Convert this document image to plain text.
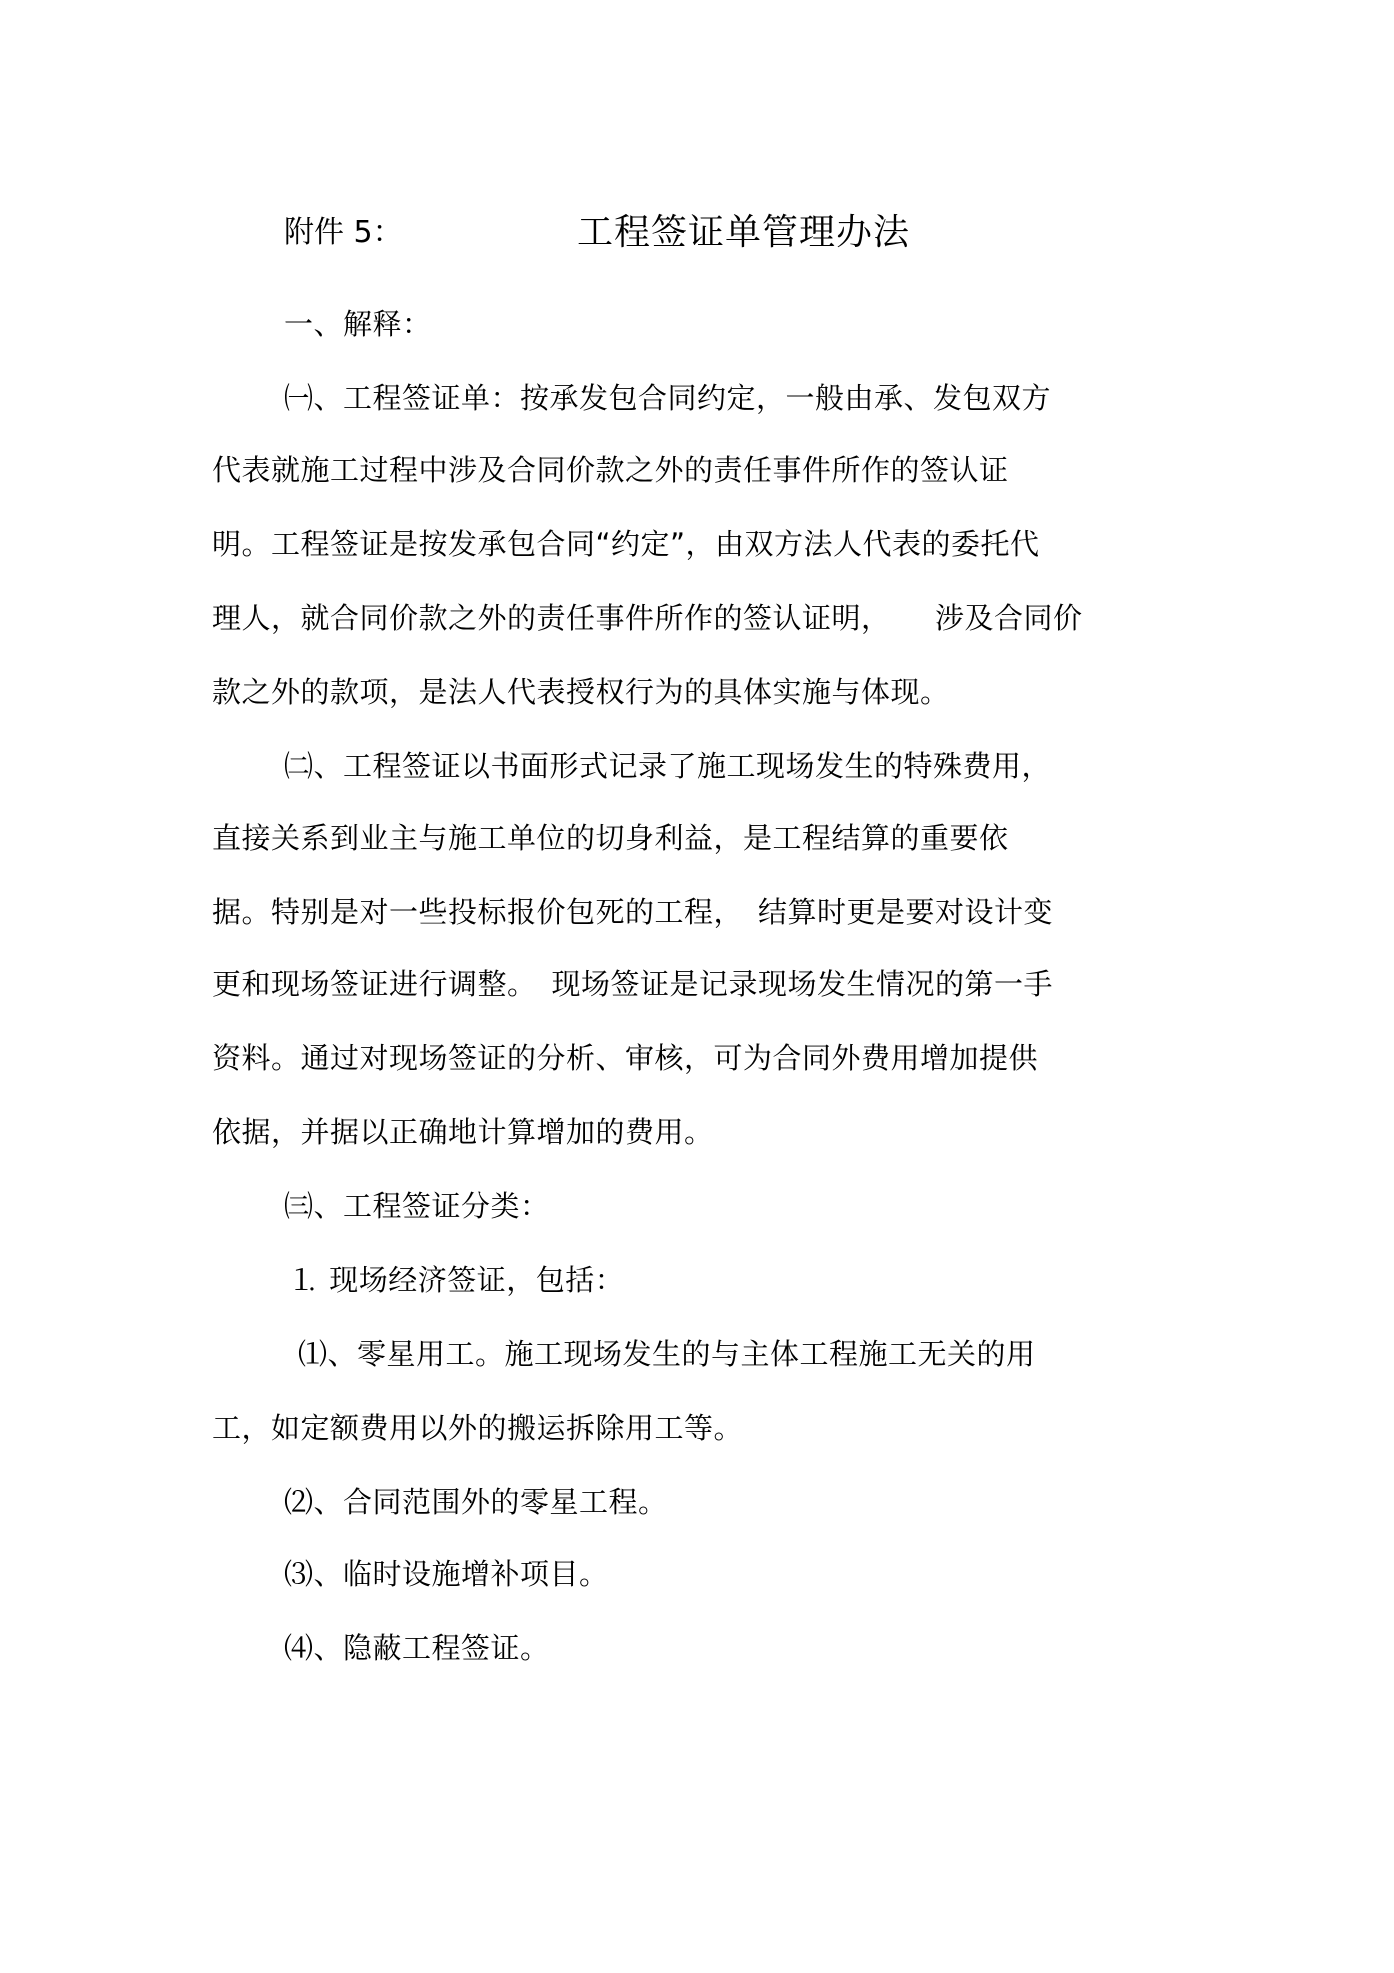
附件 5：	工程签证单管理办法
一、解释：
㈠、工程签证单：按承发包合同约定，一般由承、发包双方
代表就施工过程中涉及合同价款之外的责任事件所作的签认证
明。工程签证是按发承包合同“约定”，由双方法人代表的委托代
理人，就合同价款之外的责任事件所作的签认证明，　　涉及合同价
款之外的款项，是法人代表授权行为的具体实施与体现。
㈡、工程签证以书面形式记录了施工现场发生的特殊费用，
直接关系到业主与施工单位的切身利益，是工程结算的重要依
据。特别是对一些投标报价包死的工程，　结算时更是要对设计变
更和现场签证进行调整。　现场签证是记录现场发生情况的第一手
资料。通过对现场签证的分析、审核，可为合同外费用增加提供
依据，并据以正确地计算增加的费用。
㈢、工程签证分类：
⒈ 现场经济签证，包括：
⑴、零星用工。施工现场发生的与主体工程施工无关的用
工，如定额费用以外的搬运拆除用工等。
⑵、合同范围外的零星工程。
⑶、临时设施增补项目。
⑷、隐蔽工程签证。
